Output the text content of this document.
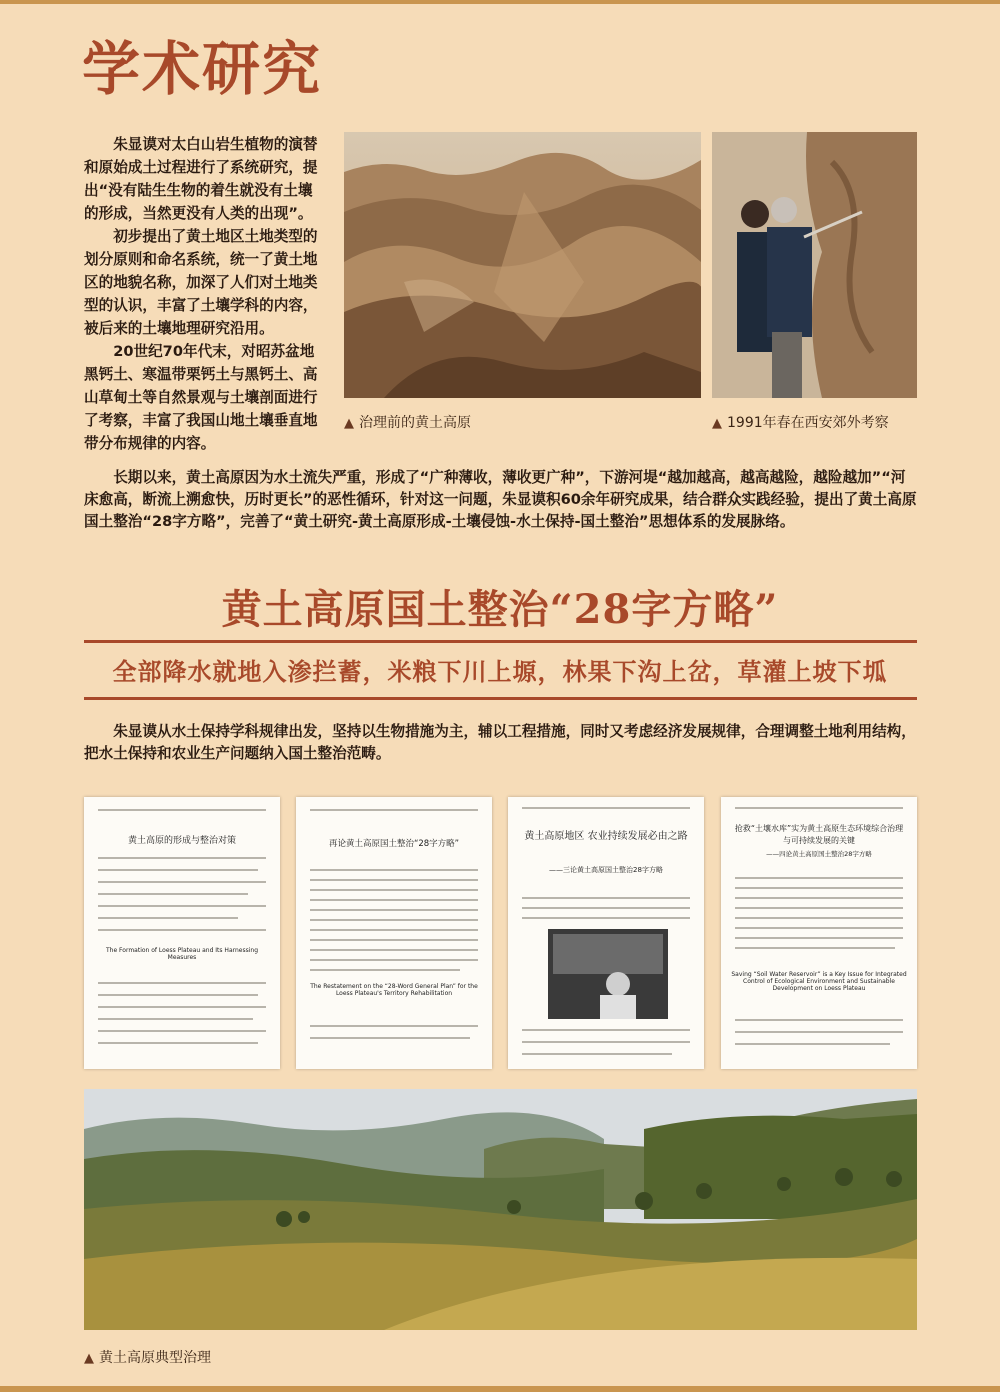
学术研究

朱显谟对太白山岩生植物的演替和原始成土过程进行了系统研究，提出“没有陆生生物的着生就没有土壤的形成，当然更没有人类的出现”。

初步提出了黄土地区土地类型的划分原则和命名系统，统一了黄土地区的地貌名称，加深了人们对土地类型的认识，丰富了土壤学科的内容，被后来的土壤地理研究沿用。

20世纪70年代末，对昭苏盆地黑钙土、寒温带栗钙土与黑钙土、高山草甸土等自然景观与土壤剖面进行了考察，丰富了我国山地土壤垂直地带分布规律的内容。

▲ 治理前的黄土高原	▲ 1991年春在西安郊外考察

长期以来，黄土高原因为水土流失严重，形成了“广种薄收，薄收更广种”，下游河堤“越加越高，越高越险，越险越加”“河床愈高，断流上溯愈快，历时更长”的恶性循环，针对这一问题，朱显谟积60余年研究成果，结合群众实践经验，提出了黄土高原国土整治“28字方略”，完善了“黄土研究-黄土高原形成-土壤侵蚀-水土保持-国土整治”思想体系的发展脉络。

黄土高原国土整治“28字方略”

全部降水就地入渗拦蓄，米粮下川上塬，林果下沟上岔，草灌上坡下坬

朱显谟从水土保持学科规律出发，坚持以生物措施为主，辅以工程措施，同时又考虑经济发展规律，合理调整土地利用结构，把水土保持和农业生产问题纳入国土整治范畴。

黄土高原的形成与整治对策
The Formation of Loess Plateau and Its Harnessing Measures
再论黄土高原国土整治“28字方略”
The Restatement on the “28-Word General Plan” for the Loess Plateau's Territory Rehabilitation
黄土高原地区 农业持续发展必由之路
——三论黄土高原国土整治28字方略
抢救“土壤水库”实为黄土高原生态环境综合治理与可持续发展的关键
——四论黄土高原国土整治28字方略
Saving “Soil Water Reservoir” is a Key Issue for Integrated Control of Ecological Environment and Sustainable Development on Loess Plateau
▲ 黄土高原典型治理
